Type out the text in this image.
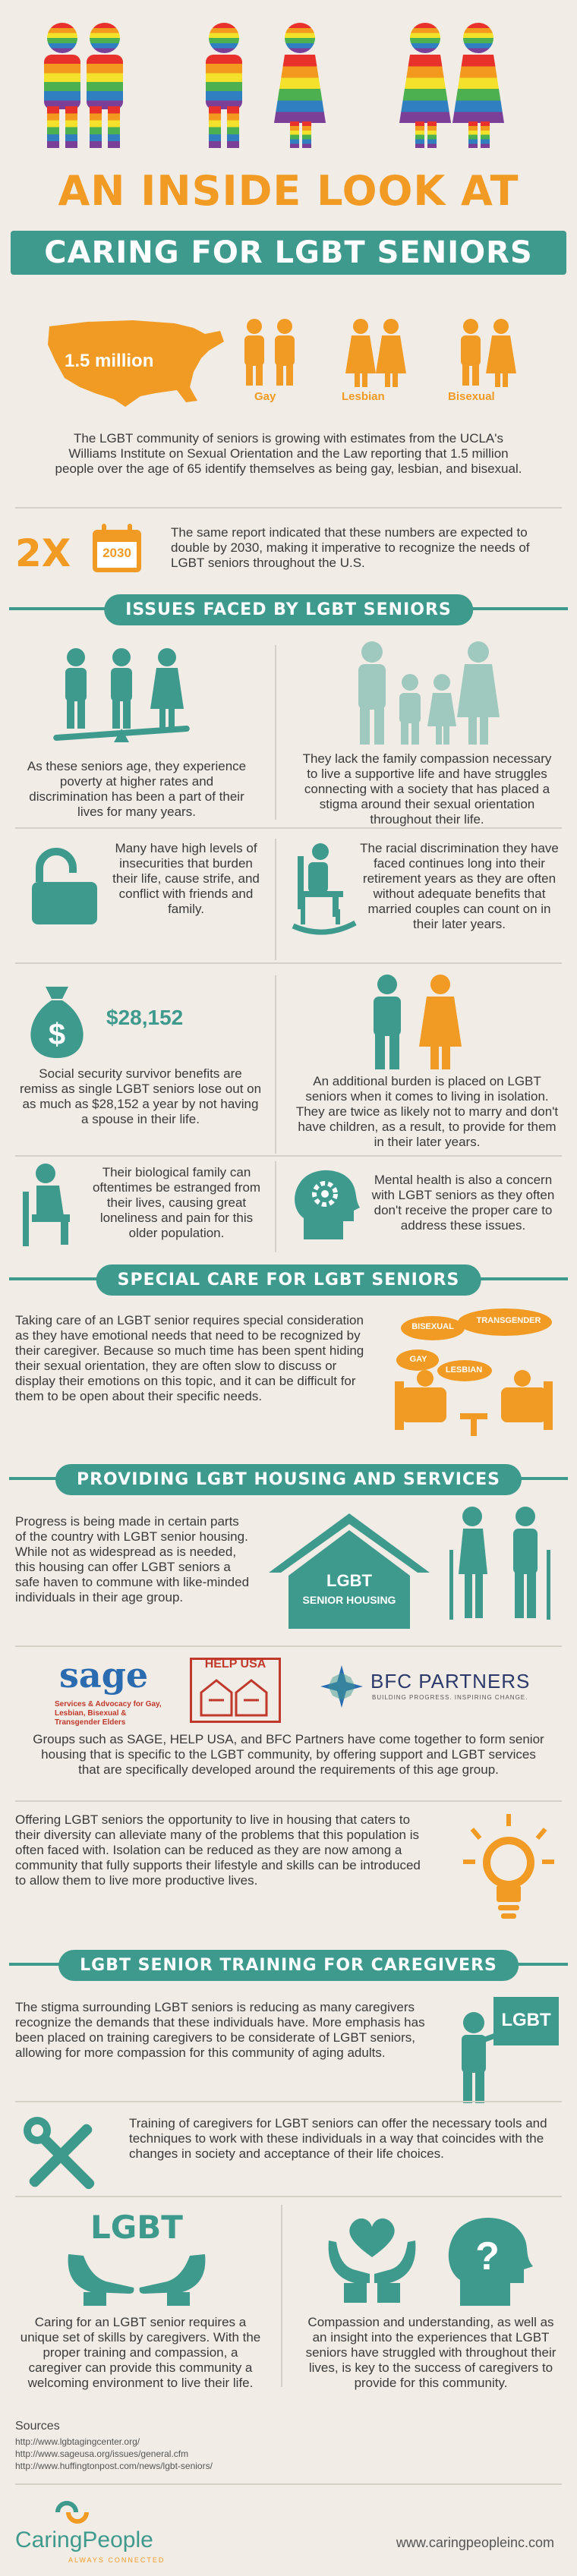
AN INSIDE LOOK AT
CARING FOR LGBT SENIORS
1.5 million
Gay	Lesbian	Bisexual
The LGBT community of seniors is growing with estimates from the UCLA's Williams Institute on Sexual Orientation and the Law reporting that 1.5 million people over the age of 65 identify themselves as being gay, lesbian, and bisexual.
2X	2030
The same report indicated that these numbers are expected to double by 2030, making it imperative to recognize the needs of LGBT seniors throughout the U.S.
ISSUES FACED BY LGBT SENIORS
As these seniors age, they experience poverty at higher rates and discrimination has been a part of their lives for many years.
They lack the family compassion necessary to live a supportive life and have struggles connecting with a society that has placed a stigma around their sexual orientation throughout their life.
Many have high levels of insecurities that burden their life, cause strife, and conflict with friends and family.
The racial discrimination they have faced continues long into their retirement years as they are often without adequate benefits that married couples can count on in their later years.
$
$28,152
Social security survivor benefits are remiss as single LGBT seniors lose out on as much as $28,152 a year by not having a spouse in their life.
An additional burden is placed on LGBT seniors when it comes to living in isolation. They are twice as likely not to marry and don't have children, as a result, to provide for them in their later years.
Their biological family can oftentimes be estranged from their lives, causing great loneliness and pain for this older population.
Mental health is also a concern with LGBT seniors as they often don't receive the proper care to address these issues.
SPECIAL CARE FOR LGBT SENIORS
Taking care of an LGBT senior requires special consideration as they have emotional needs that need to be recognized by their caregiver. Because so much time has been spent hiding their sexual orientation, they are often slow to discuss or display their emotions on this topic, and it can be difficult for them to be open about their specific needs.
BISEXUAL
TRANSGENDER
GAY
LESBIAN
PROVIDING LGBT HOUSING AND SERVICES
Progress is being made in certain parts of the country with LGBT senior housing. While not as widespread as is needed, this housing can offer LGBT seniors a safe haven to commune with like-minded individuals in their age group.
LGBT
SENIOR HOUSING
sage
Services & Advocacy for Gay, Lesbian, Bisexual & Transgender Elders
HELP USA
BFC PARTNERS
BUILDING PROGRESS. INSPIRING CHANGE.
Groups such as SAGE, HELP USA, and BFC Partners have come together to form senior housing that is specific to the LGBT community, by offering support and LGBT services that are specifically developed around the requirements of this age group.
Offering LGBT seniors the opportunity to live in housing that caters to their diversity can alleviate many of the problems that this population is often faced with. Isolation can be reduced as they are now among a community that fully supports their lifestyle and skills can be introduced to allow them to live more productive lives.
LGBT SENIOR TRAINING FOR CAREGIVERS
The stigma surrounding LGBT seniors is reducing as many caregivers recognize the demands that these individuals have. More emphasis has been placed on training caregivers to be considerate of LGBT seniors, allowing for more compassion for this community of aging adults.
LGBT
Training of caregivers for LGBT seniors can offer the necessary tools and techniques to work with these individuals in a way that coincides with the changes in society and acceptance of their life choices.
LGBT
Caring for an LGBT senior requires a unique set of skills by caregivers. With the proper training and compassion, a caregiver can provide this community a welcoming environment to live their life.
?
Compassion and understanding, as well as an insight into the experiences that LGBT seniors have struggled with throughout their lives, is key to the success of caregivers to provide for this community.
Sources
http://www.lgbtagingcenter.org/
http://www.sageusa.org/issues/general.cfm
http://www.huffingtonpost.com/news/lgbt-seniors/
CaringPeople
ALWAYS CONNECTED
www.caringpeopleinc.com
